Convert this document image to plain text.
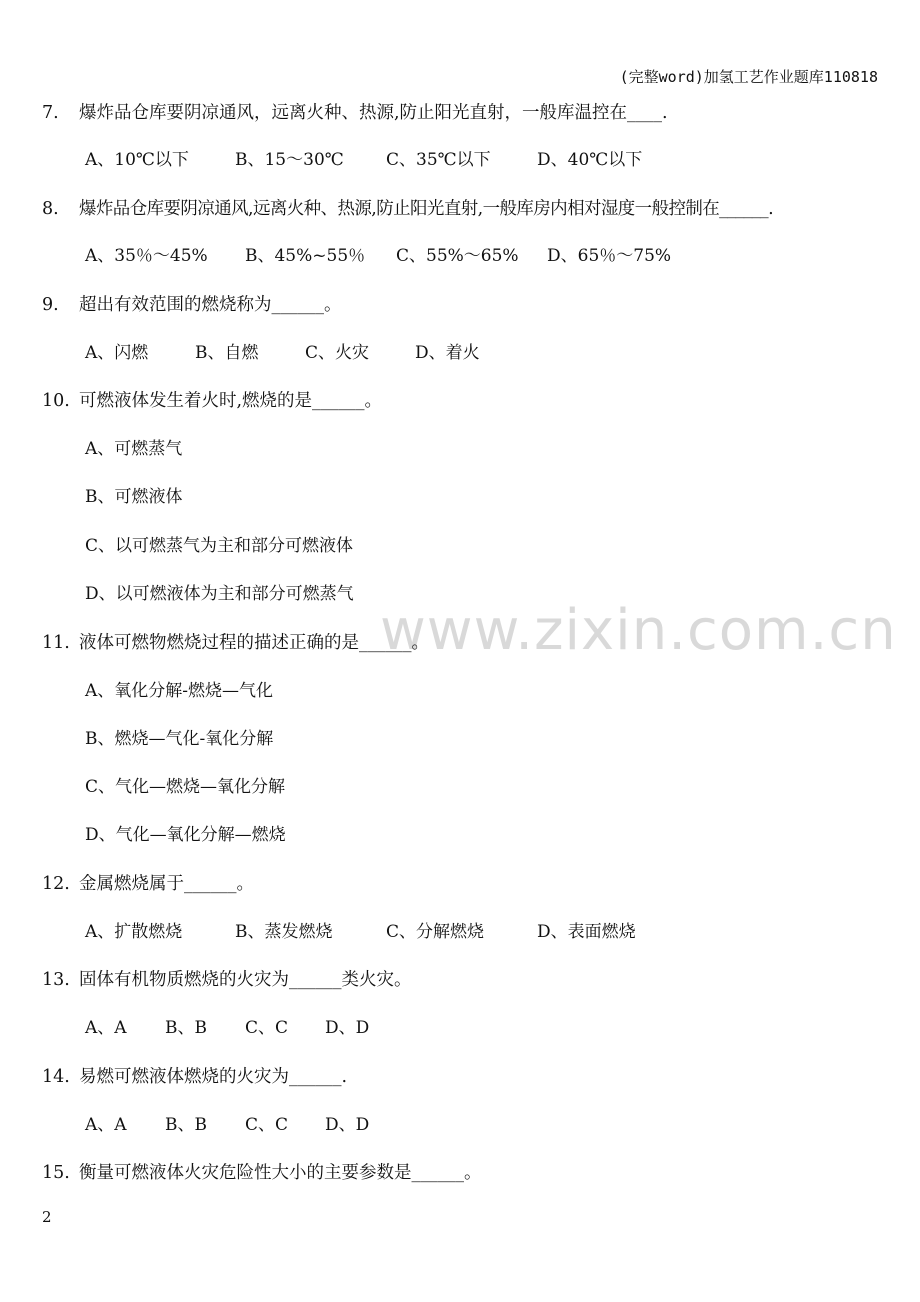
(完整word)加氢工艺作业题库110818
www.zixin.com.cn
7. 爆炸品仓库要阴凉通风，远离火种、热源,防止阳光直射，一般库温控在____.
A、10℃以下	B、15～30℃ C、35℃以下	D、40℃以下
8. 爆炸品仓库要阴凉通风,远离火种、热源,防止阳光直射,一般库房内相对湿度一般控制在______.
A、35％～45% B、45%~55％ C、55%～65% D、65％～75%
9. 超出有效范围的燃烧称为______。
A、闪燃	B、自燃	C、火灾	D、着火
10. 可燃液体发生着火时,燃烧的是______。
A、可燃蒸气
B、可燃液体
C、以可燃蒸气为主和部分可燃液体
D、以可燃液体为主和部分可燃蒸气
11. 液体可燃物燃烧过程的描述正确的是______。
A、氧化分解-燃烧—气化
B、燃烧—气化-氧化分解
C、气化—燃烧—氧化分解
D、气化—氧化分解—燃烧
12. 金属燃烧属于______。
A、扩散燃烧	B、蒸发燃烧	C、分解燃烧	D、表面燃烧
13. 固体有机物质燃烧的火灾为______类火灾。
A、A B、B C、C D、D
14. 易燃可燃液体燃烧的火灾为______.
A、A B、B C、C D、D
15. 衡量可燃液体火灾危险性大小的主要参数是______。
2
